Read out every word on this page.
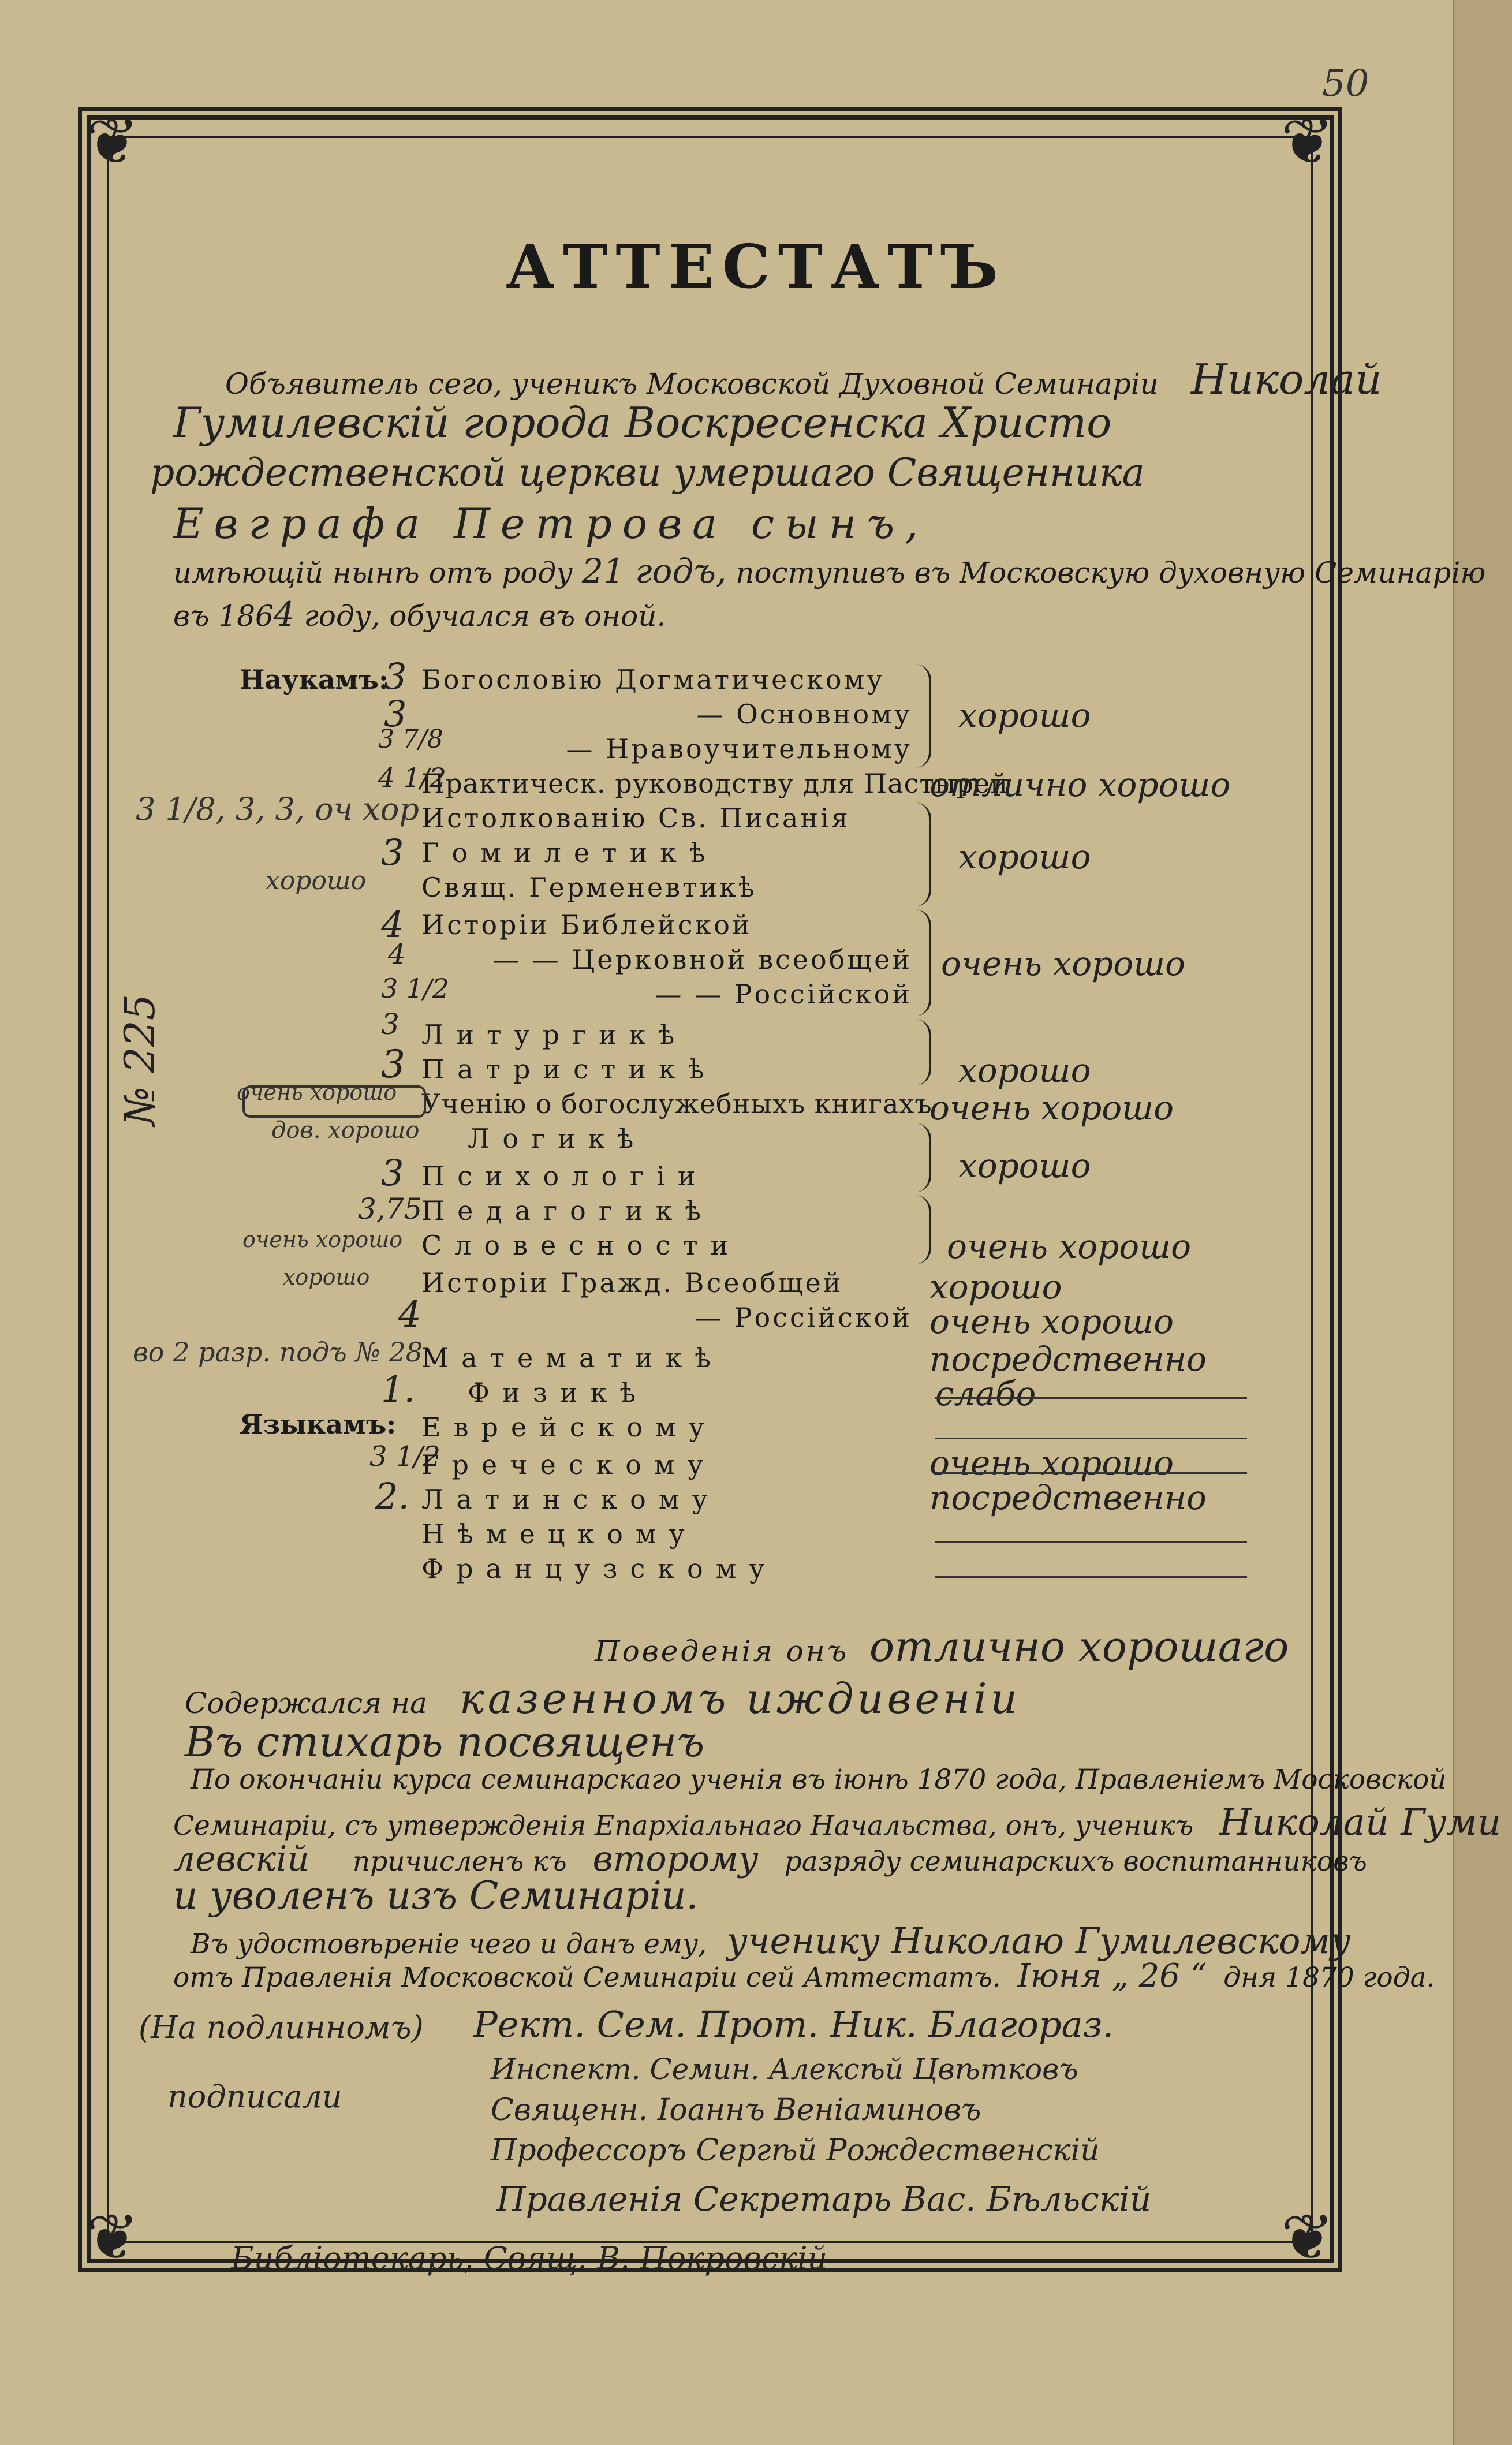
50
❦	❦
❦	❦
АТТЕСТАТЪ
Объявитель сего, ученикъ Московской Духовной Семинаріи Николай
Гумилевскій города Воскресенска Христо
рождественской церкви умершаго Священника
Евграфа Петрова сынъ,
имѣющій нынѣ отъ роду 21 годъ, поступивъ въ Московскую духовную Семинарію
въ 1864 году, обучался въ оной.
Наукамъ:
Языкамъ:
Богословію Догматическому
— Основному
— Нравоучительному
Практическ. руководству для Пастырей
Истолкованію Св. Писанія
Гомилетикѣ
Свящ. Герменевтикѣ
Исторіи Библейской
— — Церковной всеобщей
— — Россійской
Литургикѣ
Патристикѣ
Ученію о богослужебныхъ книгахъ
Логикѣ
Психологіи
Педагогикѣ
Словесности
Исторіи Гражд. Всеобщей
— Россійской
Математикѣ
Физикѣ
Еврейскому
Греческому
Латинскому
Нѣмецкому
Французскому
3
3
3 7/8
4 1/2
3
4
4
3 1/2
3
3
3
3,75
4
1.
3 1/2
2.
хорошо
отлично хорошо
хорошо
очень хорошо
хорошо
очень хорошо
хорошо
очень хорошо
хорошо
очень хорошо
посредственно
слабо
очень хорошо
посредственно
3 1/8, 3, 3, оч хор
хорошо
очень хорошо
дов. хорошо
очень хорошо
хорошо
во 2 разр. подъ № 28
№ 225
Поведенія онъ отлично хорошаго
Содержался на казенномъ иждивеніи
Въ стихарь посвященъ
По окончаніи курса семинарскаго ученія въ іюнѣ 1870 года, Правленіемъ Московской
Семинаріи, съ утвержденія Епархіальнаго Начальства, онъ, ученикъ Николай Гуми
левскій причисленъ къ второму разряду семинарскихъ воспитанниковъ
и уволенъ изъ Семинаріи.
Въ удостовѣреніе чего и данъ ему, ученику Николаю Гумилевскому
отъ Правленія Московской Семинаріи сей Аттестатъ. Іюня „ 26 “ дня 1870 года.
(На подлинномъ)
подписали
Рект. Сем. Прот. Ник. Благораз.
Инспект. Семин. Алексѣй Цвѣтковъ
Священн. Іоаннъ Веніаминовъ
Профессоръ Сергѣй Рождественскій
Правленія Секретарь Вас. Бѣльскій
Библіотекарь, Свящ. В. Покровскій
